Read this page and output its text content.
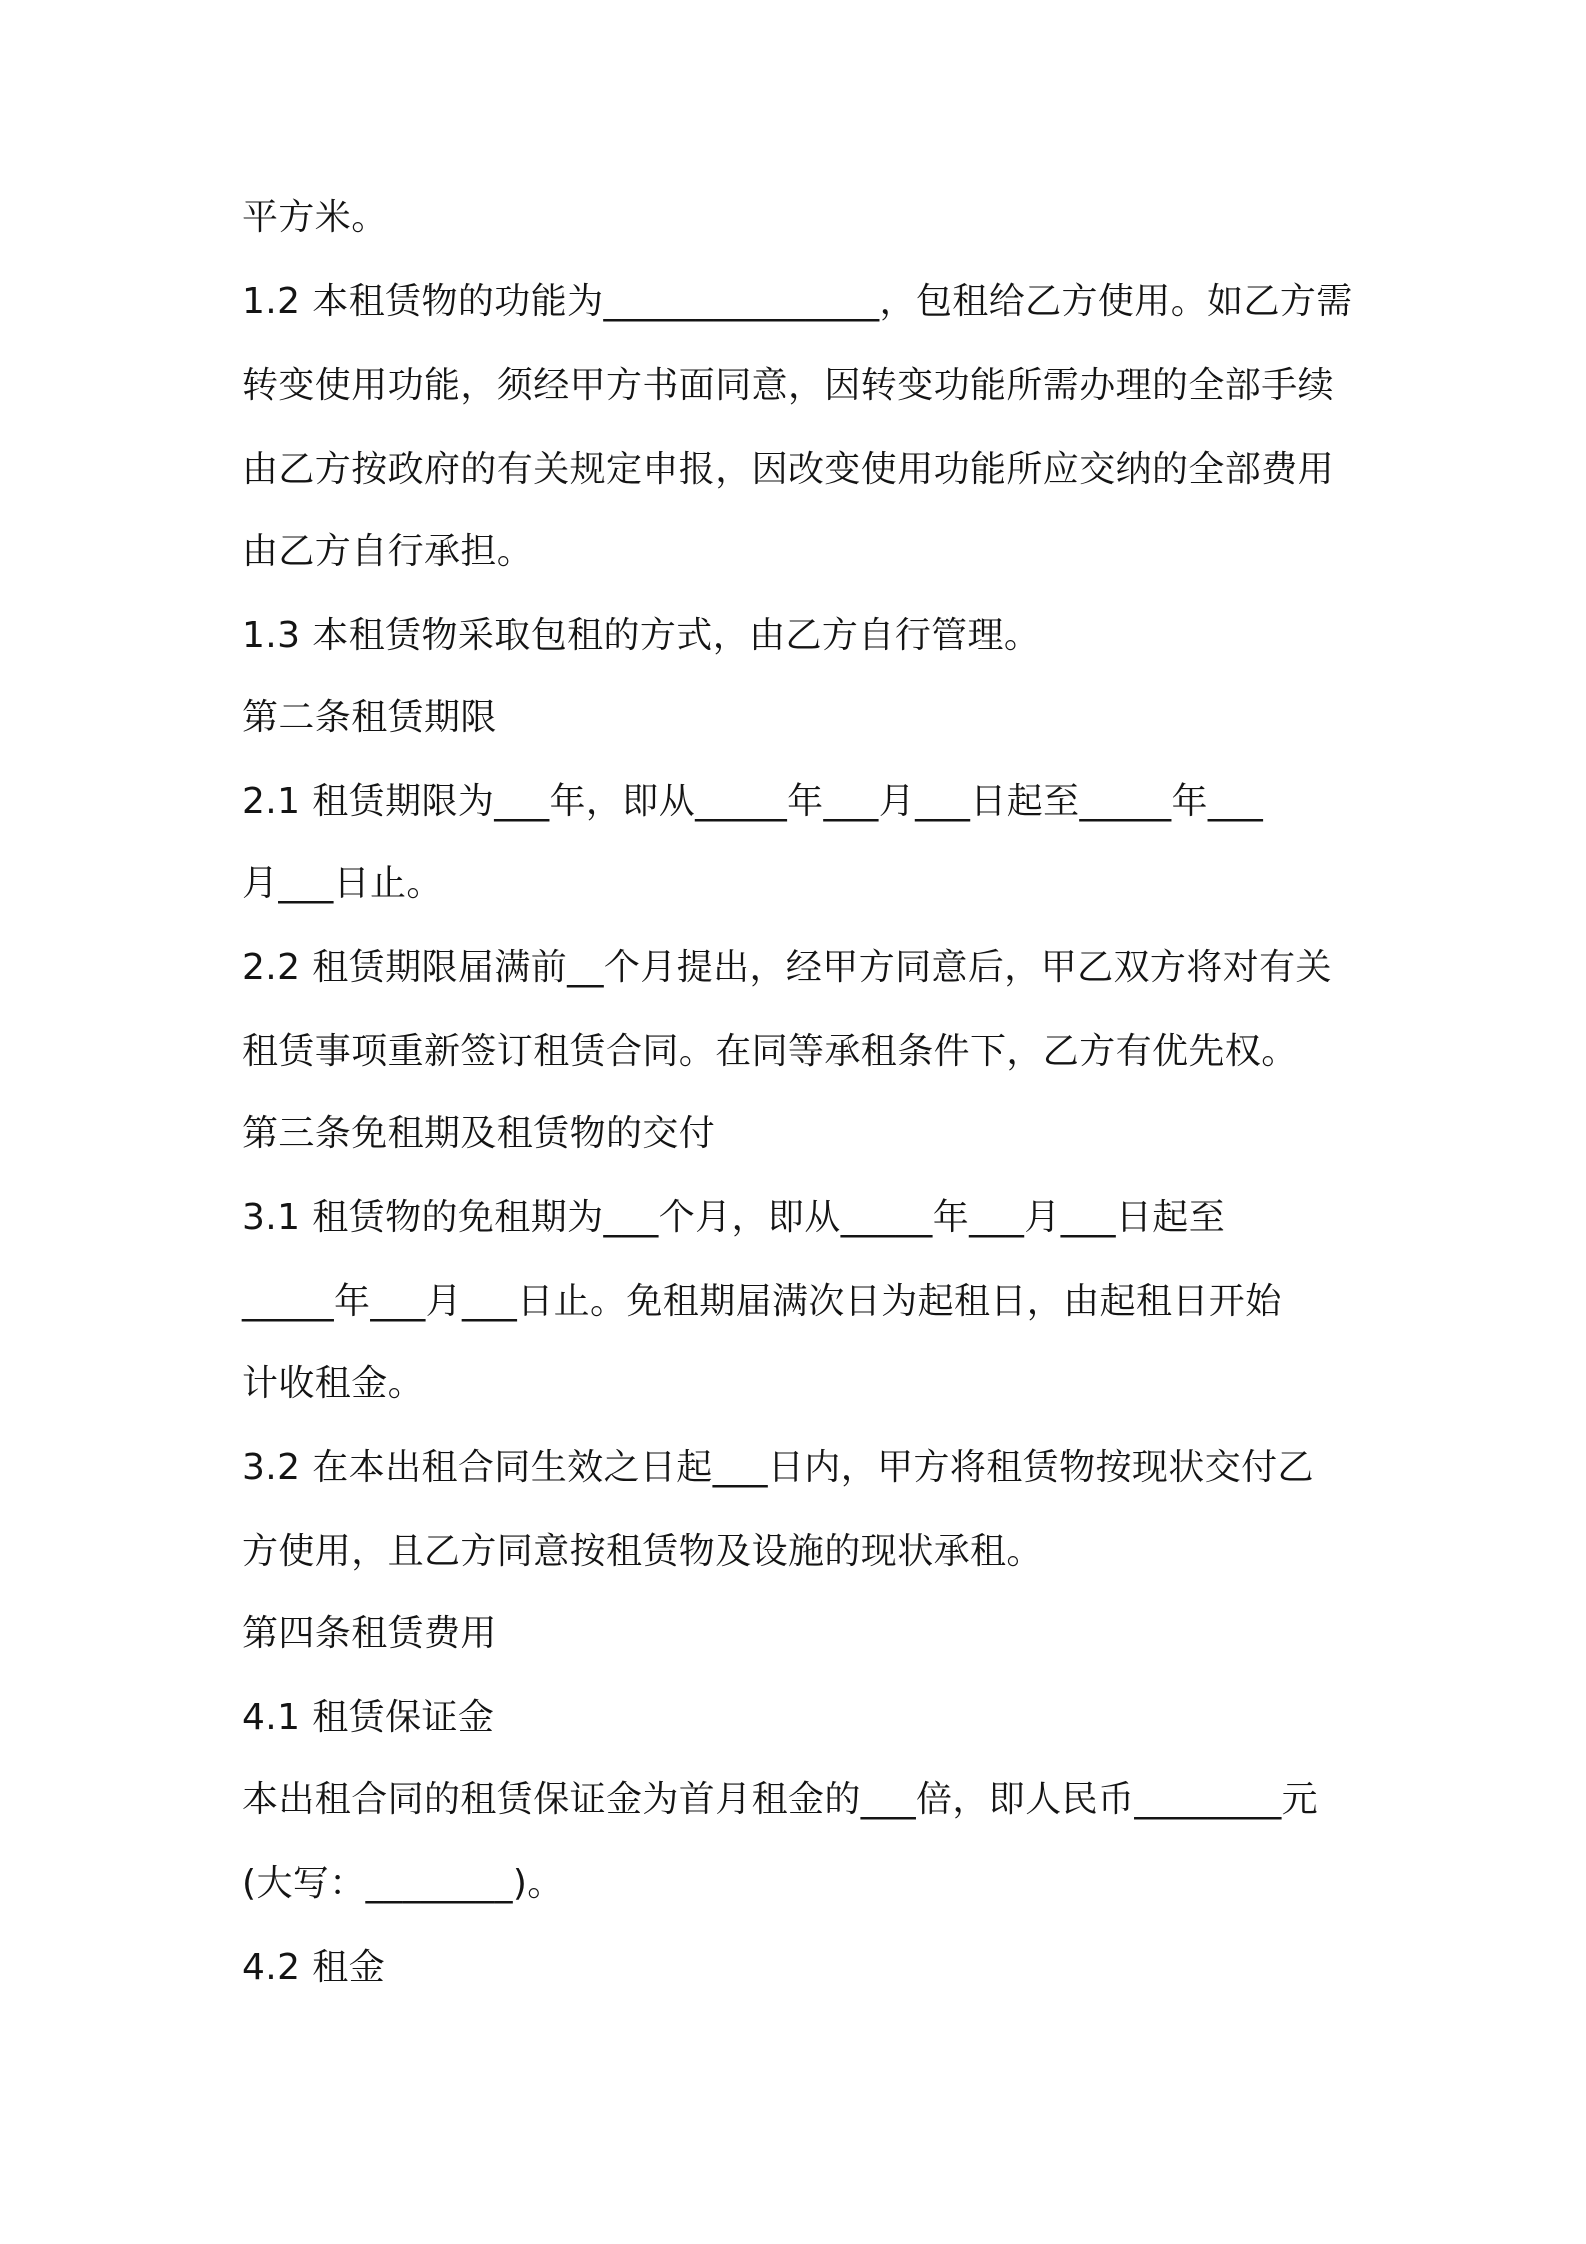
平方米。
1.2 本租赁物的功能为_______________，包租给乙方使用。如乙方需
转变使用功能，须经甲方书面同意，因转变功能所需办理的全部手续
由乙方按政府的有关规定申报，因改变使用功能所应交纳的全部费用
由乙方自行承担。
1.3 本租赁物采取包租的方式，由乙方自行管理。
第二条租赁期限
2.1 租赁期限为___年，即从_____年___月___日起至_____年___
月___日止。
2.2 租赁期限届满前__个月提出，经甲方同意后，甲乙双方将对有关
租赁事项重新签订租赁合同。在同等承租条件下，乙方有优先权。
第三条免租期及租赁物的交付
3.1 租赁物的免租期为___个月，即从_____年___月___日起至
_____年___月___日止。免租期届满次日为起租日，由起租日开始
计收租金。
3.2 在本出租合同生效之日起___日内，甲方将租赁物按现状交付乙
方使用，且乙方同意按租赁物及设施的现状承租。
第四条租赁费用
4.1 租赁保证金
本出租合同的租赁保证金为首月租金的___倍，即人民币________元
(大写：________)。
4.2 租金
